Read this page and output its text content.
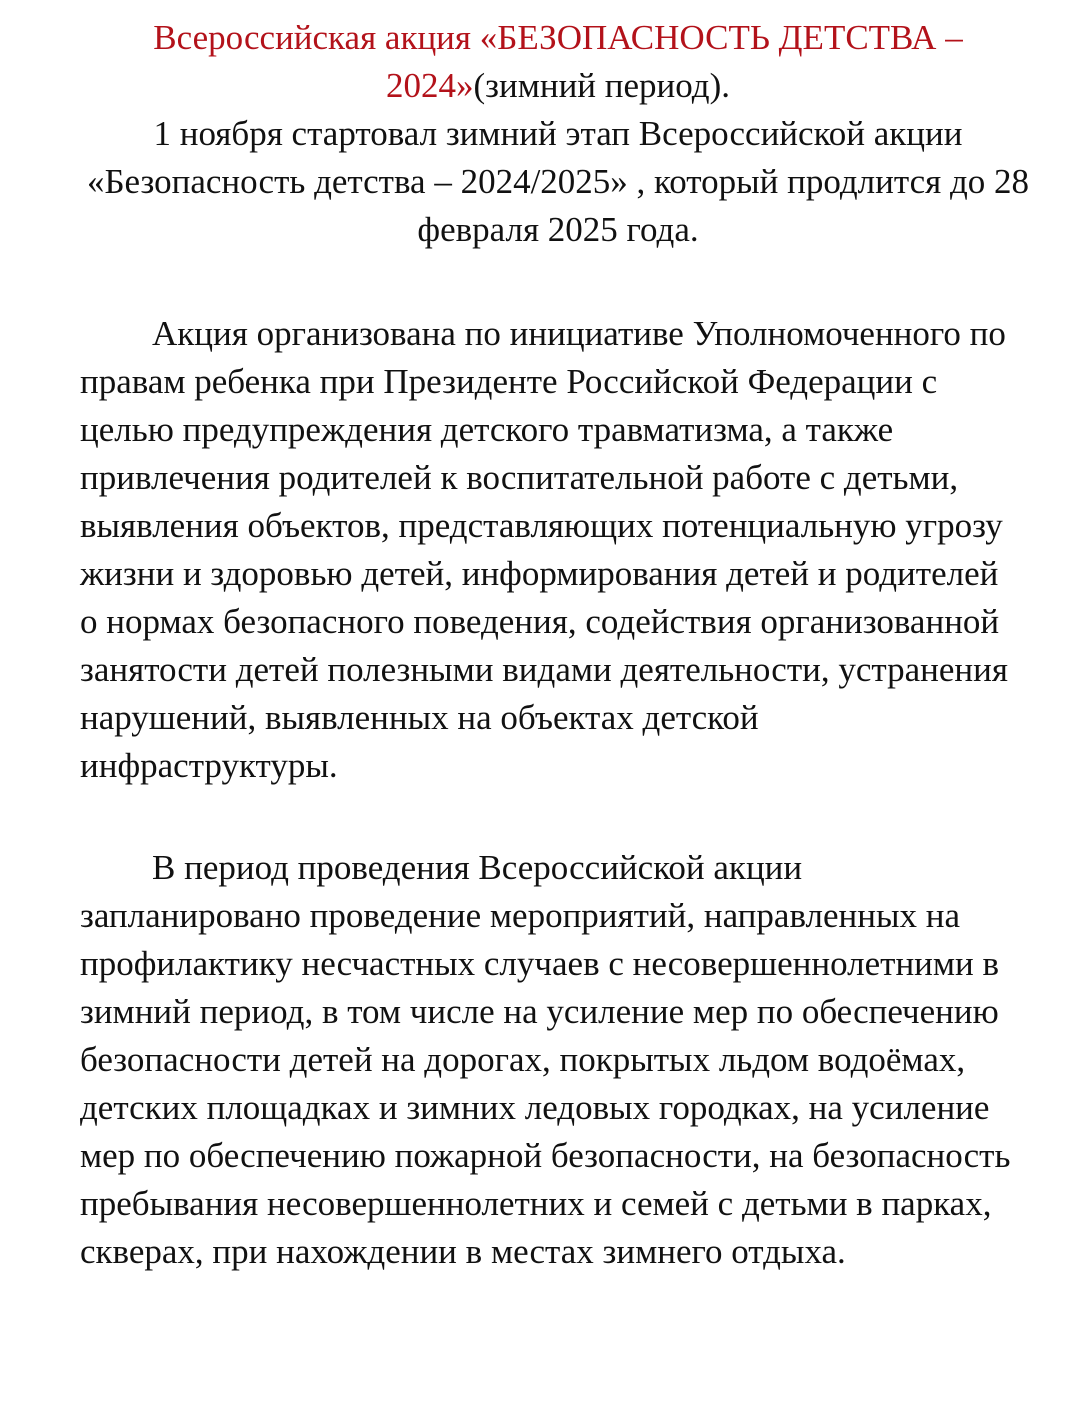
Всероссийская акция «БЕЗОПАСНОСТЬ ДЕТСТВА – 2024»(зимний период).
1 ноября стартовал зимний этап Всероссийской акции «Безопасность детства – 2024/2025» , который продлится до 28 февраля 2025 года.

Акция организована по инициативе Уполномоченного по правам ребенка при Президенте Российской Федерации с целью предупреждения детского травматизма, а также привлечения родителей к воспитательной работе с детьми, выявления объектов, представляющих потенциальную угрозу жизни и здоровью детей, информирования детей и родителей о нормах безопасного поведения, содействия организованной занятости детей полезными видами деятельности, устранения нарушений, выявленных на объектах детской инфраструктуры.

В период проведения Всероссийской акции запланировано проведение мероприятий, направленных на профилактику несчастных случаев с несовершеннолетними в зимний период, в том числе на усиление мер по обеспечению безопасности детей на дорогах, покрытых льдом водоёмах, детских площадках и зимних ледовых городках, на усиление мер по обеспечению пожарной безопасности, на безопасность пребывания несовершеннолетних и семей с детьми в парках, скверах, при нахождении в местах зимнего отдыха.
